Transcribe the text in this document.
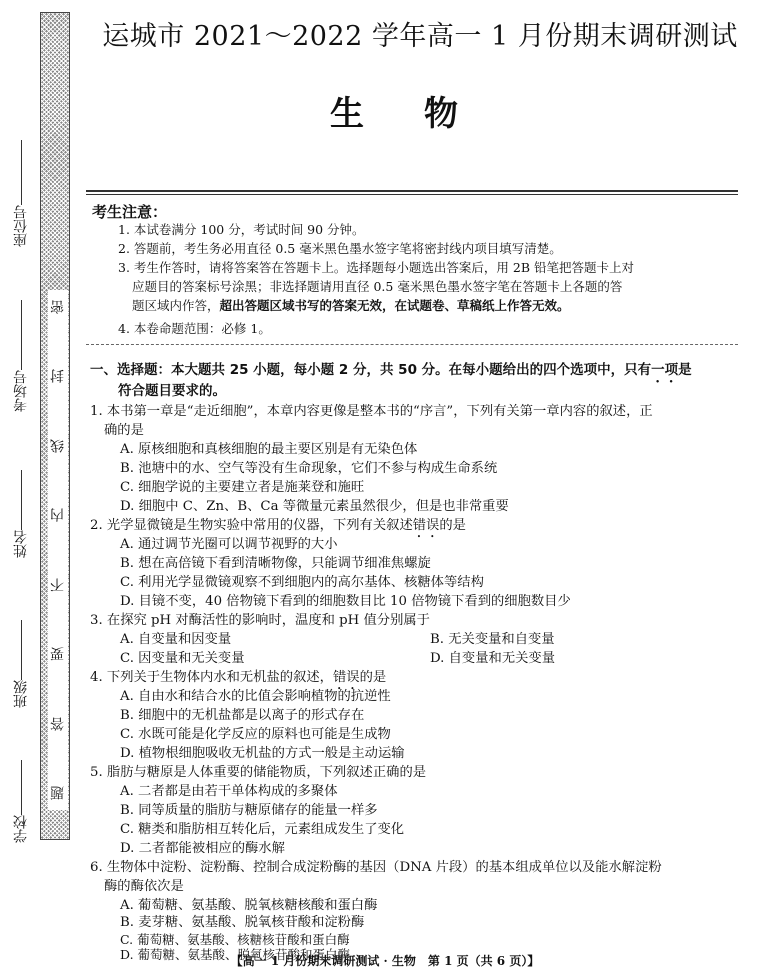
密
封
线
内
不
要
答
题
座位号
考场号
姓名
班级
学校
运城市 2021～2022 学年高一 1 月份期末调研测试
生物
考生注意：
1. 本试卷满分 100 分，考试时间 90 分钟。
2. 答题前，考生务必用直径 0.5 毫米黑色墨水签字笔将密封线内项目填写清楚。
3. 考生作答时，请将答案答在答题卡上。选择题每小题选出答案后，用 2B 铅笔把答题卡上对
应题目的答案标号涂黑；非选择题请用直径 0.5 毫米黑色墨水签字笔在答题卡上各题的答
题区域内作答，超出答题区域书写的答案无效，在试题卷、草稿纸上作答无效。
4. 本卷命题范围：必修 1。
一、选择题：本大题共 25 小题，每小题 2 分，共 50 分。在每小题给出的四个选项中，只有一项是
符合题目要求的。
1. 本书第一章是“走近细胞”，本章内容更像是整本书的“序言”，下列有关第一章内容的叙述，正
确的是
A. 原核细胞和真核细胞的最主要区别是有无染色体
B. 池塘中的水、空气等没有生命现象，它们不参与构成生命系统
C. 细胞学说的主要建立者是施莱登和施旺
D. 细胞中 C、Zn、B、Ca 等微量元素虽然很少，但是也非常重要
2. 光学显微镜是生物实验中常用的仪器，下列有关叙述错误的是
A. 通过调节光圈可以调节视野的大小
B. 想在高倍镜下看到清晰物像，只能调节细准焦螺旋
C. 利用光学显微镜观察不到细胞内的高尔基体、核糖体等结构
D. 目镜不变，40 倍物镜下看到的细胞数目比 10 倍物镜下看到的细胞数目少
3. 在探究 pH 对酶活性的影响时，温度和 pH 值分别属于
A. 自变量和因变量	B. 无关变量和自变量
C. 因变量和无关变量	D. 自变量和无关变量
4. 下列关于生物体内水和无机盐的叙述，错误的是
A. 自由水和结合水的比值会影响植物的抗逆性
B. 细胞中的无机盐都是以离子的形式存在
C. 水既可能是化学反应的原料也可能是生成物
D. 植物根细胞吸收无机盐的方式一般是主动运输
5. 脂肪与糖原是人体重要的储能物质，下列叙述正确的是
A. 二者都是由若干单体构成的多聚体
B. 同等质量的脂肪与糖原储存的能量一样多
C. 糖类和脂肪相互转化后，元素组成发生了变化
D. 二者都能被相应的酶水解
6. 生物体中淀粉、淀粉酶、控制合成淀粉酶的基因（DNA 片段）的基本组成单位以及能水解淀粉
酶的酶依次是
A. 葡萄糖、氨基酸、脱氧核糖核酸和蛋白酶
B. 麦芽糖、氨基酸、脱氧核苷酸和淀粉酶
C. 葡萄糖、氨基酸、核糖核苷酸和蛋白酶
D. 葡萄糖、氨基酸、脱氧核苷酸和蛋白酶
【高一 1 月份期末调研测试 · 生物　第 1 页（共 6 页）】
